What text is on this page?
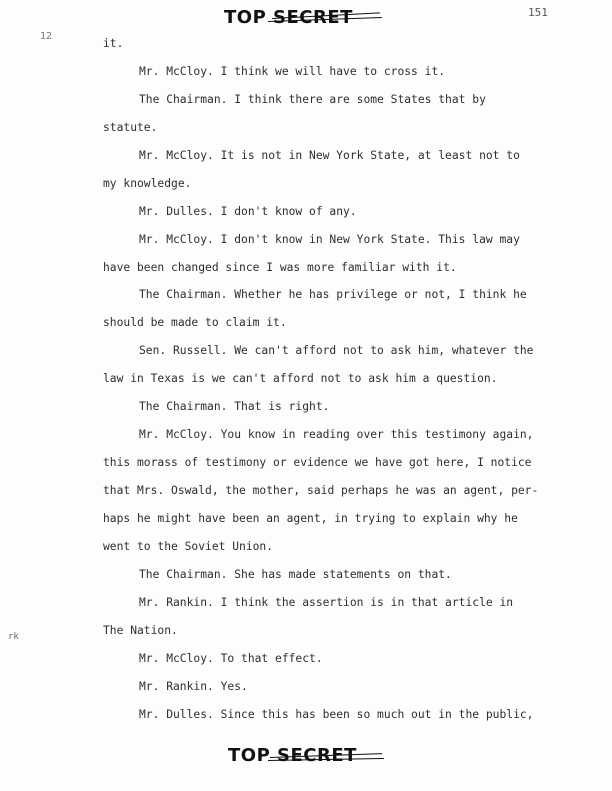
TOP SECRET	151
12
it.
Mr. McCloy. I think we will have to cross it.
The Chairman. I think there are some States that by
statute.
Mr. McCloy. It is not in New York State, at least not to
my knowledge.
Mr. Dulles. I don't know of any.
Mr. McCloy. I don't know in New York State. This law may
have been changed since I was more familiar with it.
The Chairman. Whether he has privilege or not, I think he
should be made to claim it.
Sen. Russell. We can't afford not to ask him, whatever the
law in Texas is we can't afford not to ask him a question.
The Chairman. That is right.
Mr. McCloy. You know in reading over this testimony again,
this morass of testimony or evidence we have got here, I notice
that Mrs. Oswald, the mother, said perhaps he was an agent, per-
haps he might have been an agent, in trying to explain why he
went to the Soviet Union.
The Chairman. She has made statements on that.
Mr. Rankin. I think the assertion is in that article in
The Nation.
Mr. McCloy. To that effect.
Mr. Rankin. Yes.
Mr. Dulles. Since this has been so much out in the public,
rk
TOP SECRET
